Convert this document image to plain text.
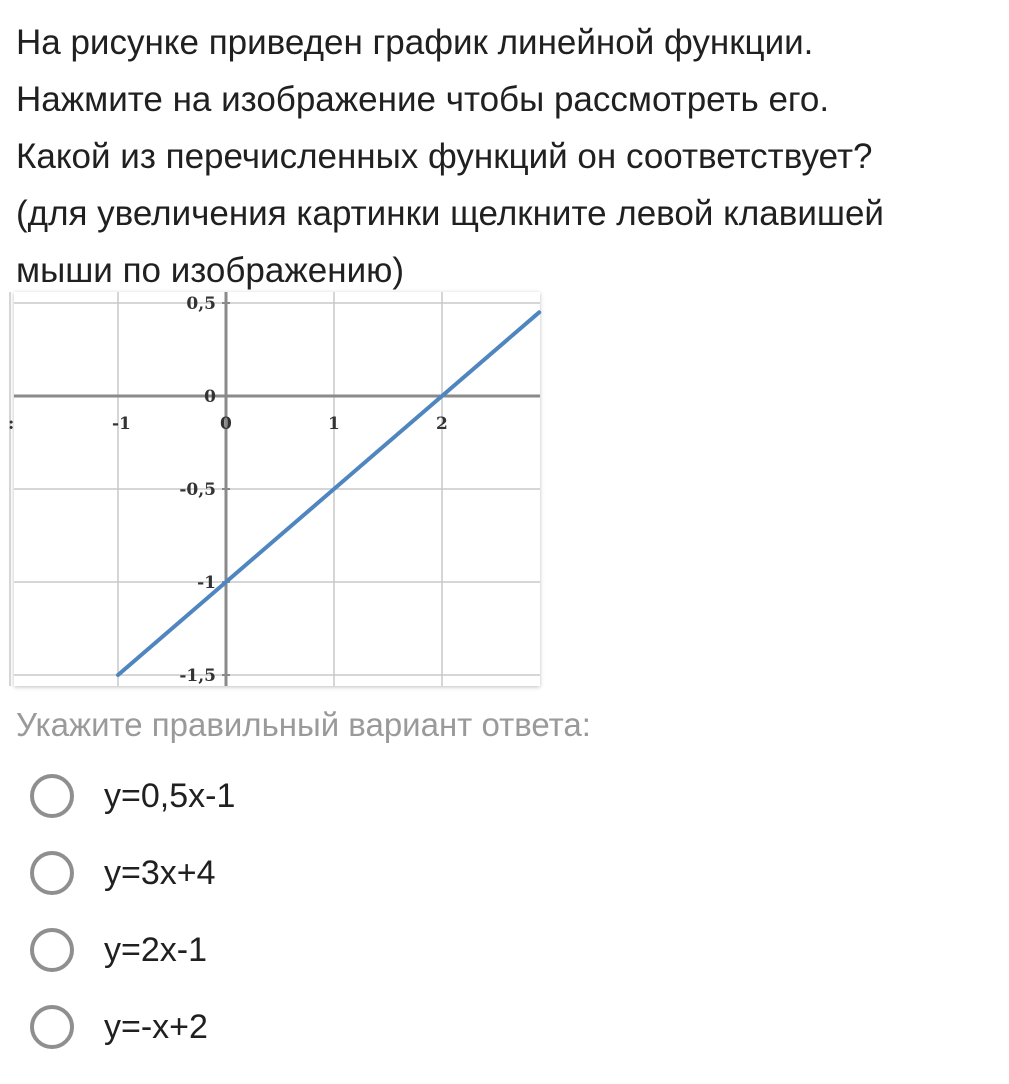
На рисунке приведен график линейной функции.
Нажмите на изображение чтобы рассмотреть его.
Какой из перечисленных функций он соответствует?
(для увеличения картинки щелкните левой клавишей
мыши по изображению)
-1	0	1	2
:
0,5
0
-0,5
-1
-1,5
Укажите правильный вариант ответа:
y=0,5x-1
y=3x+4
y=2x-1
y=-x+2
